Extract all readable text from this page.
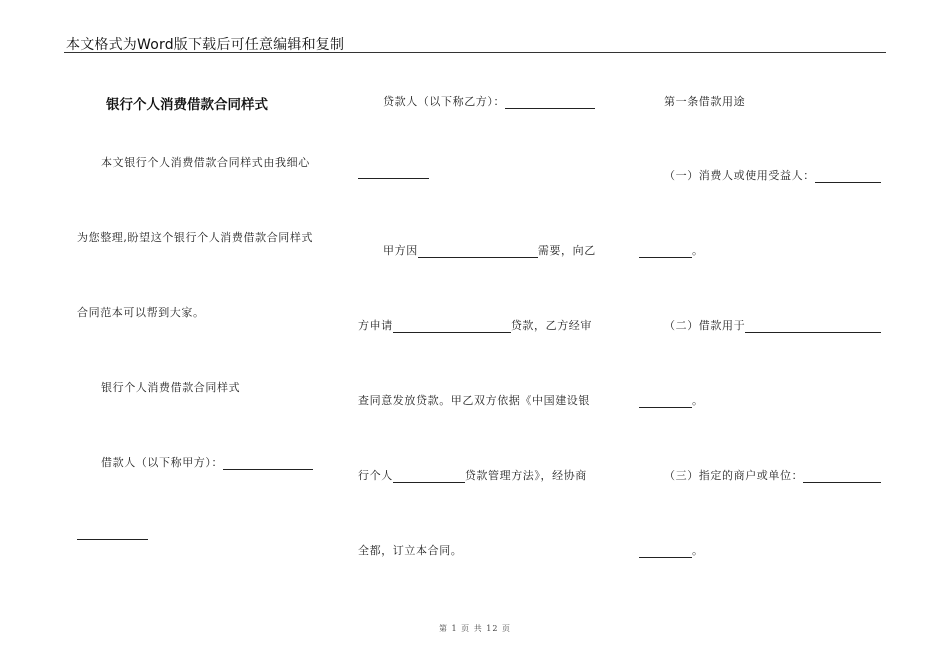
本文格式为Word版下载后可任意编辑和复制
银行个人消费借款合同样式
本文银行个人消费借款合同样式由我细心
为您整理,盼望这个银行个人消费借款合同样式
合同范本可以帮到大家。
银行个人消费借款合同样式
借款人（以下称甲方）：
贷款人（以下称乙方）：
甲方因	需要，向乙
方申请	贷款，乙方经审
查同意发放贷款。甲乙双方依据《中国建设银
行个人	贷款管理方法》，经协商
全都，订立本合同。
第一条借款用途
（一）消费人或使用受益人：
。
（二）借款用于
。
（三）指定的商户或单位：
。
第 1 页 共 12 页
